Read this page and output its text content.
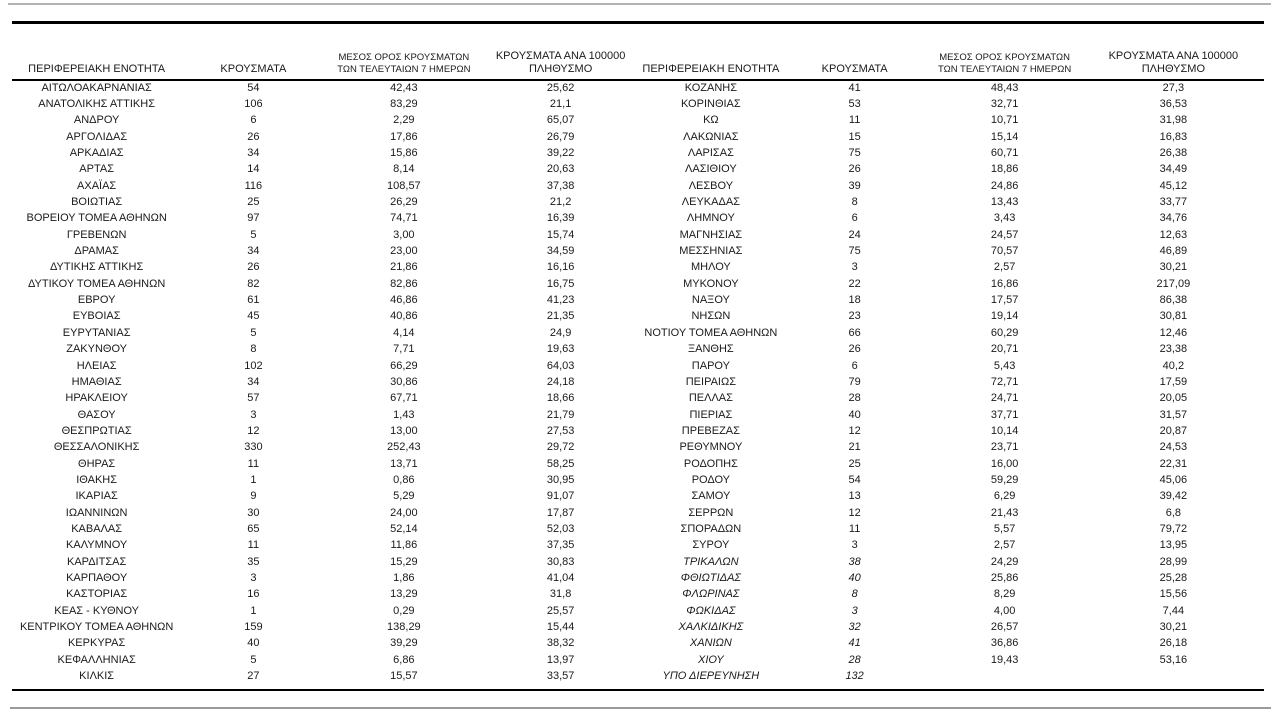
ΠΕΡΙΦΕΡΕΙΑΚΗ ΕΝΟΤΗΤΑ	ΚΡΟΥΣΜΑΤΑ	ΜΕΣΟΣ ΟΡΟΣ ΚΡΟΥΣΜΑΤΩΝ
ΤΩΝ ΤΕΛΕΥΤΑΙΩΝ 7 ΗΜΕΡΩΝ	ΚΡΟΥΣΜΑΤΑ ΑΝΑ 100000
ΠΛΗΘΥΣΜΟ

ΑΙΤΩΛΟΑΚΑΡΝΑΝΙΑΣ	54	42,43	25,62
ΑΝΑΤΟΛΙΚΗΣ ΑΤΤΙΚΗΣ	106	83,29	21,1
ΑΝΔΡΟΥ	6	2,29	65,07
ΑΡΓΟΛΙΔΑΣ	26	17,86	26,79
ΑΡΚΑΔΙΑΣ	34	15,86	39,22
ΑΡΤΑΣ	14	8,14	20,63
ΑΧΑΪΑΣ	116	108,57	37,38
ΒΟΙΩΤΙΑΣ	25	26,29	21,2
ΒΟΡΕΙΟΥ ΤΟΜΕΑ ΑΘΗΝΩΝ	97	74,71	16,39
ΓΡΕΒΕΝΩΝ	5	3,00	15,74
ΔΡΑΜΑΣ	34	23,00	34,59
ΔΥΤΙΚΗΣ ΑΤΤΙΚΗΣ	26	21,86	16,16
ΔΥΤΙΚΟΥ ΤΟΜΕΑ ΑΘΗΝΩΝ	82	82,86	16,75
ΕΒΡΟΥ	61	46,86	41,23
ΕΥΒΟΙΑΣ	45	40,86	21,35
ΕΥΡΥΤΑΝΙΑΣ	5	4,14	24,9
ΖΑΚΥΝΘΟΥ	8	7,71	19,63
ΗΛΕΙΑΣ	102	66,29	64,03
ΗΜΑΘΙΑΣ	34	30,86	24,18
ΗΡΑΚΛΕΙΟΥ	57	67,71	18,66
ΘΑΣΟΥ	3	1,43	21,79
ΘΕΣΠΡΩΤΙΑΣ	12	13,00	27,53
ΘΕΣΣΑΛΟΝΙΚΗΣ	330	252,43	29,72
ΘΗΡΑΣ	11	13,71	58,25
ΙΘΑΚΗΣ	1	0,86	30,95
ΙΚΑΡΙΑΣ	9	5,29	91,07
ΙΩΑΝΝΙΝΩΝ	30	24,00	17,87
ΚΑΒΑΛΑΣ	65	52,14	52,03
ΚΑΛΥΜΝΟΥ	11	11,86	37,35
ΚΑΡΔΙΤΣΑΣ	35	15,29	30,83
ΚΑΡΠΑΘΟΥ	3	1,86	41,04
ΚΑΣΤΟΡΙΑΣ	16	13,29	31,8
ΚΕΑΣ - ΚΥΘΝΟΥ	1	0,29	25,57
ΚΕΝΤΡΙΚΟΥ ΤΟΜΕΑ ΑΘΗΝΩΝ	159	138,29	15,44
ΚΕΡΚΥΡΑΣ	40	39,29	38,32
ΚΕΦΑΛΛΗΝΙΑΣ	5	6,86	13,97
ΚΙΛΚΙΣ	27	15,57	33,57
ΠΕΡΙΦΕΡΕΙΑΚΗ ΕΝΟΤΗΤΑ	ΚΡΟΥΣΜΑΤΑ	ΜΕΣΟΣ ΟΡΟΣ ΚΡΟΥΣΜΑΤΩΝ
ΤΩΝ ΤΕΛΕΥΤΑΙΩΝ 7 ΗΜΕΡΩΝ	ΚΡΟΥΣΜΑΤΑ ΑΝΑ 100000
ΠΛΗΘΥΣΜΟ

ΚΟΖΑΝΗΣ	41	48,43	27,3
ΚΟΡΙΝΘΙΑΣ	53	32,71	36,53
ΚΩ	11	10,71	31,98
ΛΑΚΩΝΙΑΣ	15	15,14	16,83
ΛΑΡΙΣΑΣ	75	60,71	26,38
ΛΑΣΙΘΙΟΥ	26	18,86	34,49
ΛΕΣΒΟΥ	39	24,86	45,12
ΛΕΥΚΑΔΑΣ	8	13,43	33,77
ΛΗΜΝΟΥ	6	3,43	34,76
ΜΑΓΝΗΣΙΑΣ	24	24,57	12,63
ΜΕΣΣΗΝΙΑΣ	75	70,57	46,89
ΜΗΛΟΥ	3	2,57	30,21
ΜΥΚΟΝΟΥ	22	16,86	217,09
ΝΑΞΟΥ	18	17,57	86,38
ΝΗΣΩΝ	23	19,14	30,81
ΝΟΤΙΟΥ ΤΟΜΕΑ ΑΘΗΝΩΝ	66	60,29	12,46
ΞΑΝΘΗΣ	26	20,71	23,38
ΠΑΡΟΥ	6	5,43	40,2
ΠΕΙΡΑΙΩΣ	79	72,71	17,59
ΠΕΛΛΑΣ	28	24,71	20,05
ΠΙΕΡΙΑΣ	40	37,71	31,57
ΠΡΕΒΕΖΑΣ	12	10,14	20,87
ΡΕΘΥΜΝΟΥ	21	23,71	24,53
ΡΟΔΟΠΗΣ	25	16,00	22,31
ΡΟΔΟΥ	54	59,29	45,06
ΣΑΜΟΥ	13	6,29	39,42
ΣΕΡΡΩΝ	12	21,43	6,8
ΣΠΟΡΑΔΩΝ	11	5,57	79,72
ΣΥΡΟΥ	3	2,57	13,95
ΤΡΙΚΑΛΩΝ	38	24,29	28,99
ΦΘΙΩΤΙΔΑΣ	40	25,86	25,28
ΦΛΩΡΙΝΑΣ	8	8,29	15,56
ΦΩΚΙΔΑΣ	3	4,00	7,44
ΧΑΛΚΙΔΙΚΗΣ	32	26,57	30,21
ΧΑΝΙΩΝ	41	36,86	26,18
ΧΙΟΥ	28	19,43	53,16
ΥΠΟ ΔΙΕΡΕΥΝΗΣΗ	132		
